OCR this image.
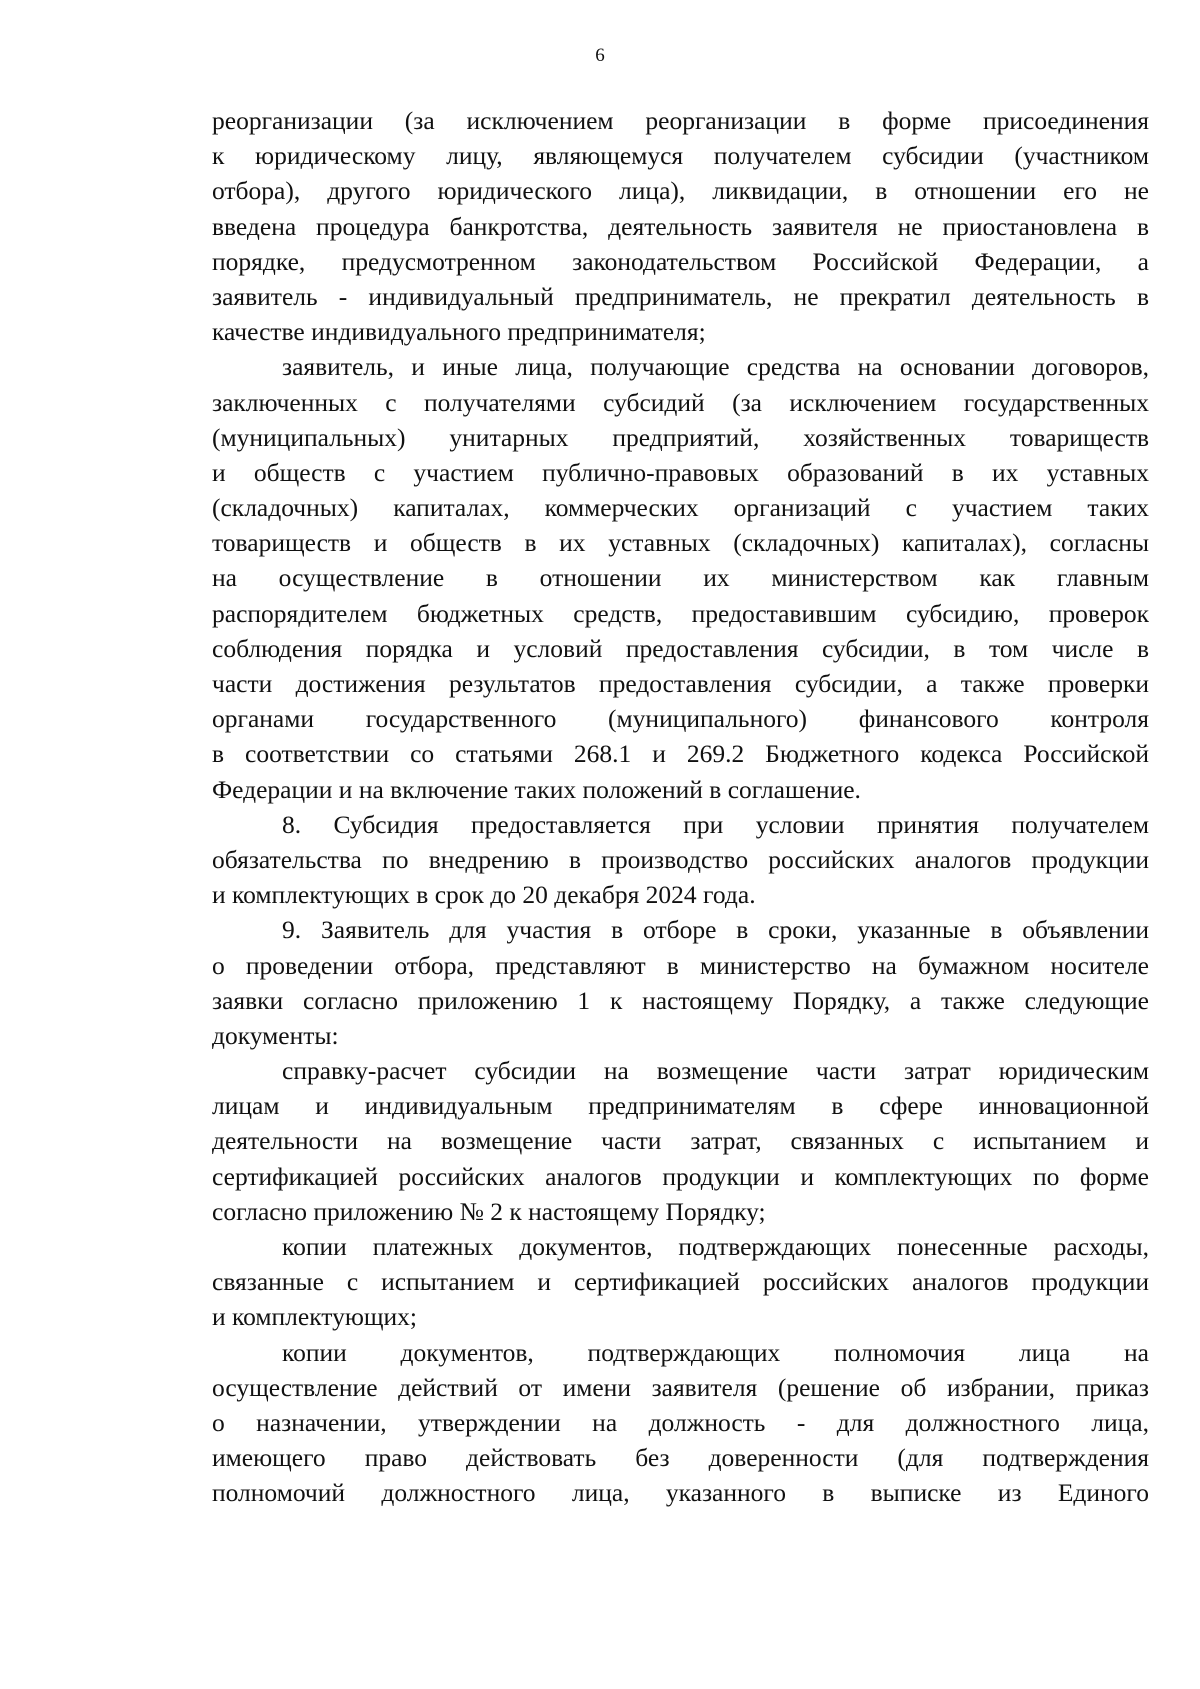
6
реорганизации (за исключением реорганизации в форме присоединения
к юридическому лицу, являющемуся получателем субсидии (участником
отбора), другого юридического лица), ликвидации, в отношении его не
введена процедура банкротства, деятельность заявителя не приостановлена в
порядке, предусмотренном законодательством Российской Федерации, а
заявитель - индивидуальный предприниматель, не прекратил деятельность в
качестве индивидуального предпринимателя;
заявитель, и иные лица, получающие средства на основании договоров,
заключенных с получателями субсидий (за исключением государственных
(муниципальных) унитарных предприятий, хозяйственных товариществ
и обществ с участием публично-правовых образований в их уставных
(складочных) капиталах, коммерческих организаций с участием таких
товариществ и обществ в их уставных (складочных) капиталах), согласны
на осуществление в отношении их министерством как главным
распорядителем бюджетных средств, предоставившим субсидию, проверок
соблюдения порядка и условий предоставления субсидии, в том числе в
части достижения результатов предоставления субсидии, а также проверки
органами государственного (муниципального) финансового контроля
в соответствии со статьями 268.1 и 269.2 Бюджетного кодекса Российской
Федерации и на включение таких положений в соглашение.
8. Субсидия предоставляется при условии принятия получателем
обязательства по внедрению в производство российских аналогов продукции
и комплектующих в срок до 20 декабря 2024 года.
9. Заявитель для участия в отборе в сроки, указанные в объявлении
о проведении отбора, представляют в министерство на бумажном носителе
заявки согласно приложению 1 к настоящему Порядку, а также следующие
документы:
справку-расчет субсидии на возмещение части затрат юридическим
лицам и индивидуальным предпринимателям в сфере инновационной
деятельности на возмещение части затрат, связанных с испытанием и
сертификацией российских аналогов продукции и комплектующих по форме
согласно приложению № 2 к настоящему Порядку;
копии платежных документов, подтверждающих понесенные расходы,
связанные с испытанием и сертификацией российских аналогов продукции
и комплектующих;
копии документов, подтверждающих полномочия лица на
осуществление действий от имени заявителя (решение об избрании, приказ
о назначении, утверждении на должность - для должностного лица,
имеющего право действовать без доверенности (для подтверждения
полномочий должностного лица, указанного в выписке из Единого
